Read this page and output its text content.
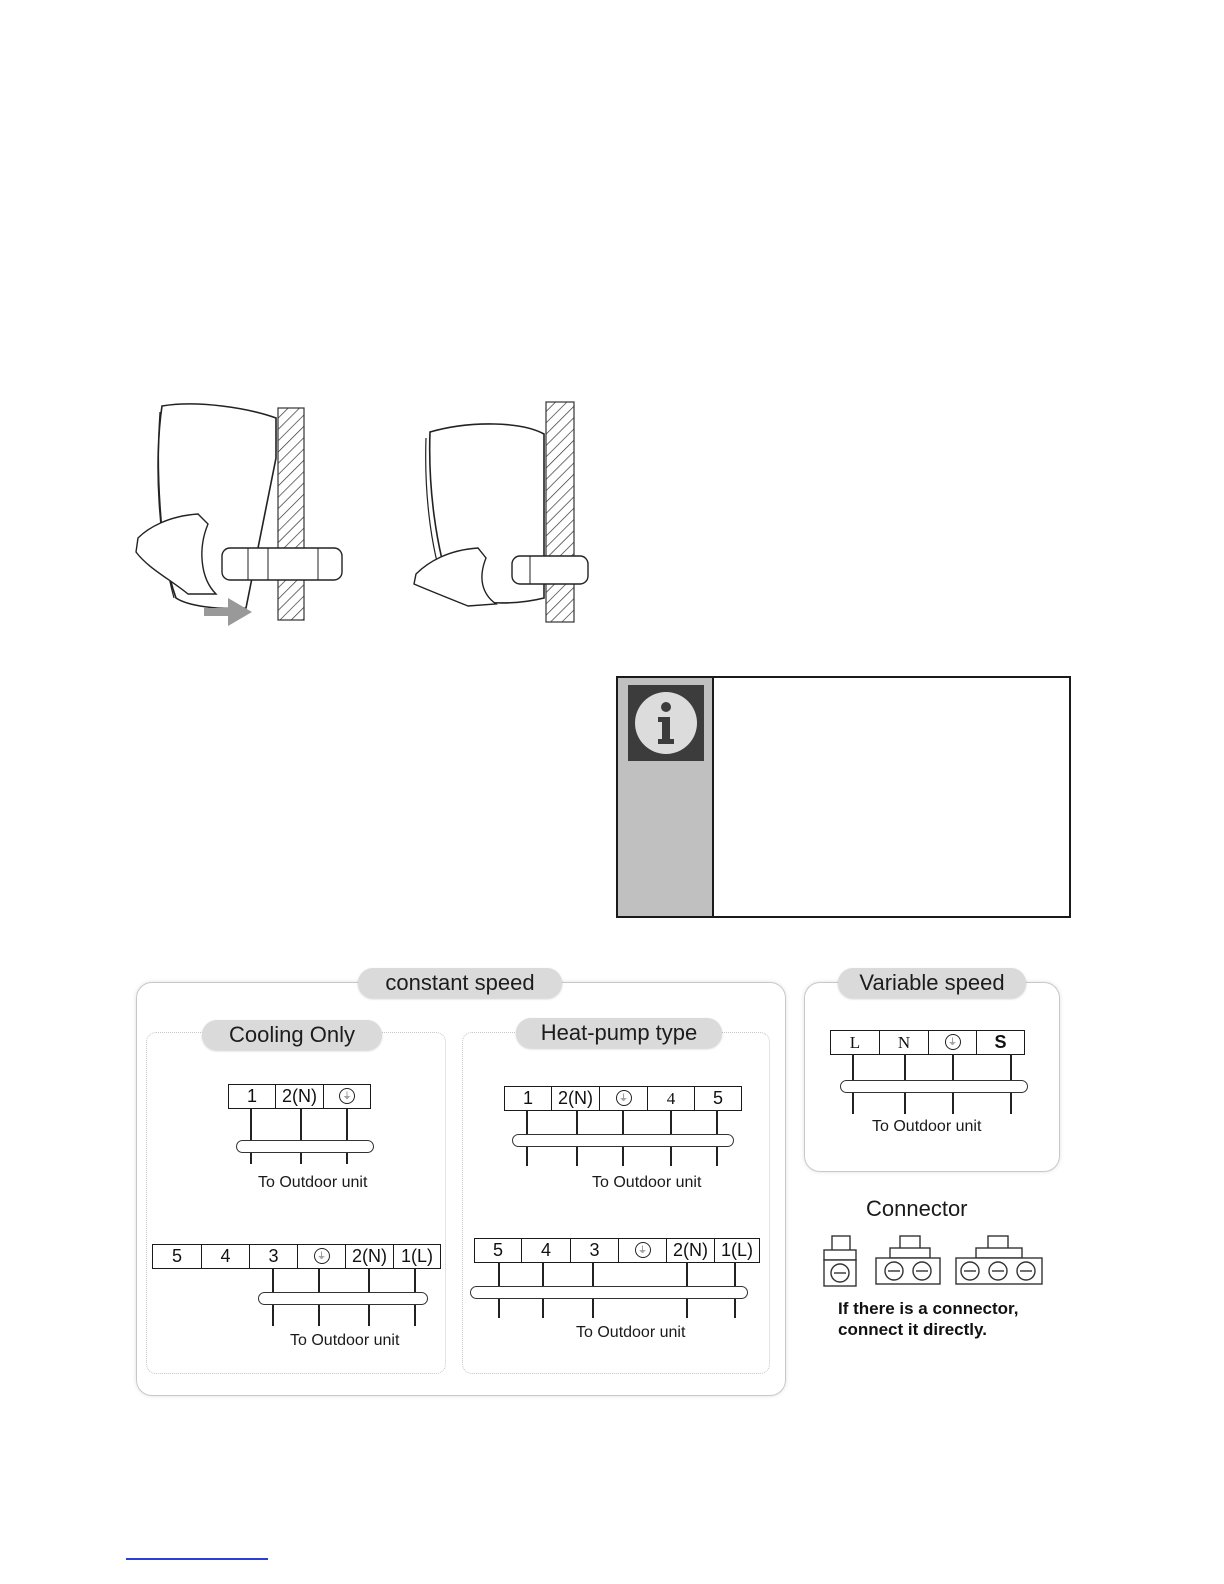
constant speed
Cooling Only	Heat-pump type
1	2(N)	⏚
To Outdoor unit
5	4	3	⏚	2(N) 1(L)
To Outdoor unit
1	2(N)	⏚	4	5
To Outdoor unit
5	4	3	⏚	2(N) 1(L)
To Outdoor unit
Variable speed
L	N	⏚	S
To Outdoor unit
Connector
If there is a connector,
connect it directly.
